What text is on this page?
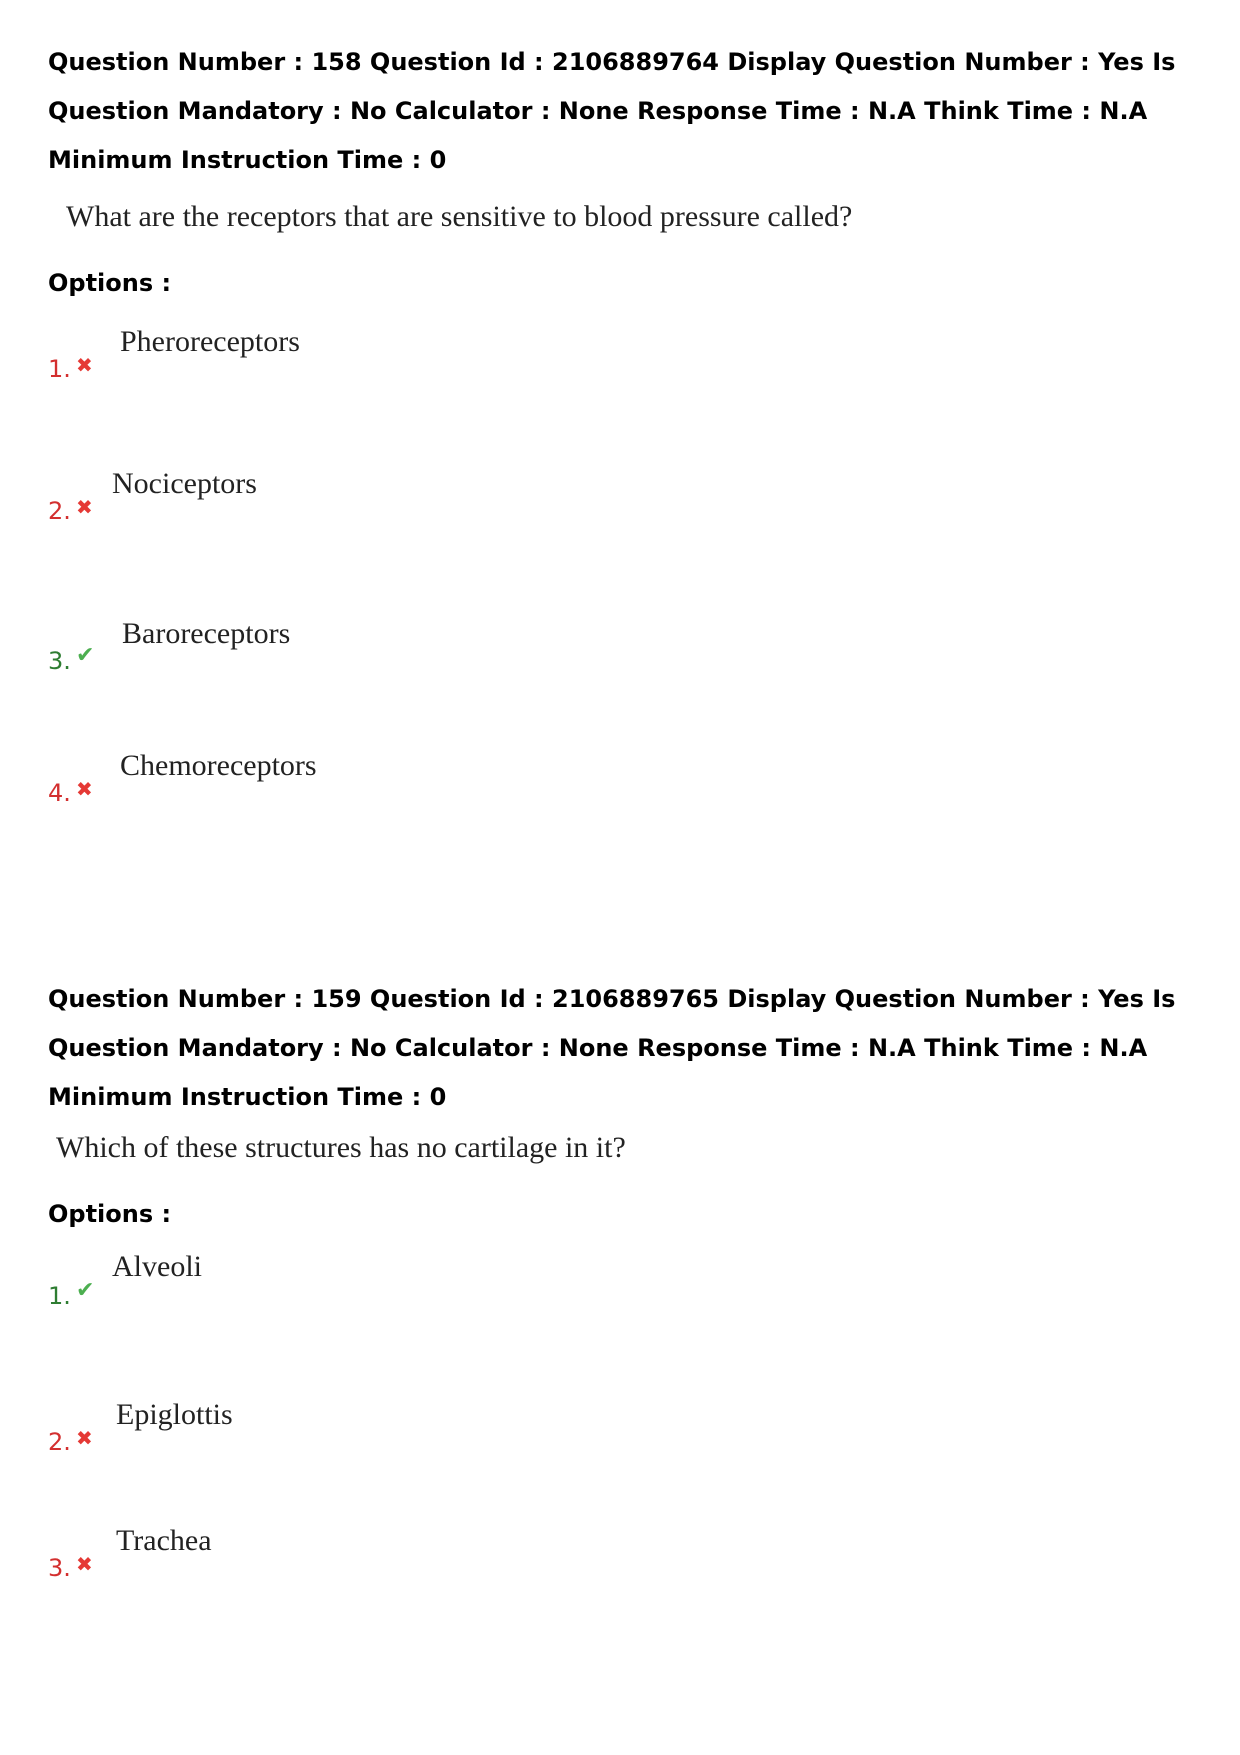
Question Number : 158 Question Id : 2106889764 Display Question Number : Yes Is Question Mandatory : No Calculator : None Response Time : N.A Think Time : N.A Minimum Instruction Time : 0

What are the receptors that are sensitive to blood pressure called?

Options :

1. ✖
Pheroreceptors
2. ✖
Nociceptors
3. ✔
Baroreceptors
4. ✖
Chemoreceptors

Question Number : 159 Question Id : 2106889765 Display Question Number : Yes Is Question Mandatory : No Calculator : None Response Time : N.A Think Time : N.A Minimum Instruction Time : 0

Which of these structures has no cartilage in it?

Options :

1. ✔
Alveoli
2. ✖
Epiglottis
3. ✖
Trachea
